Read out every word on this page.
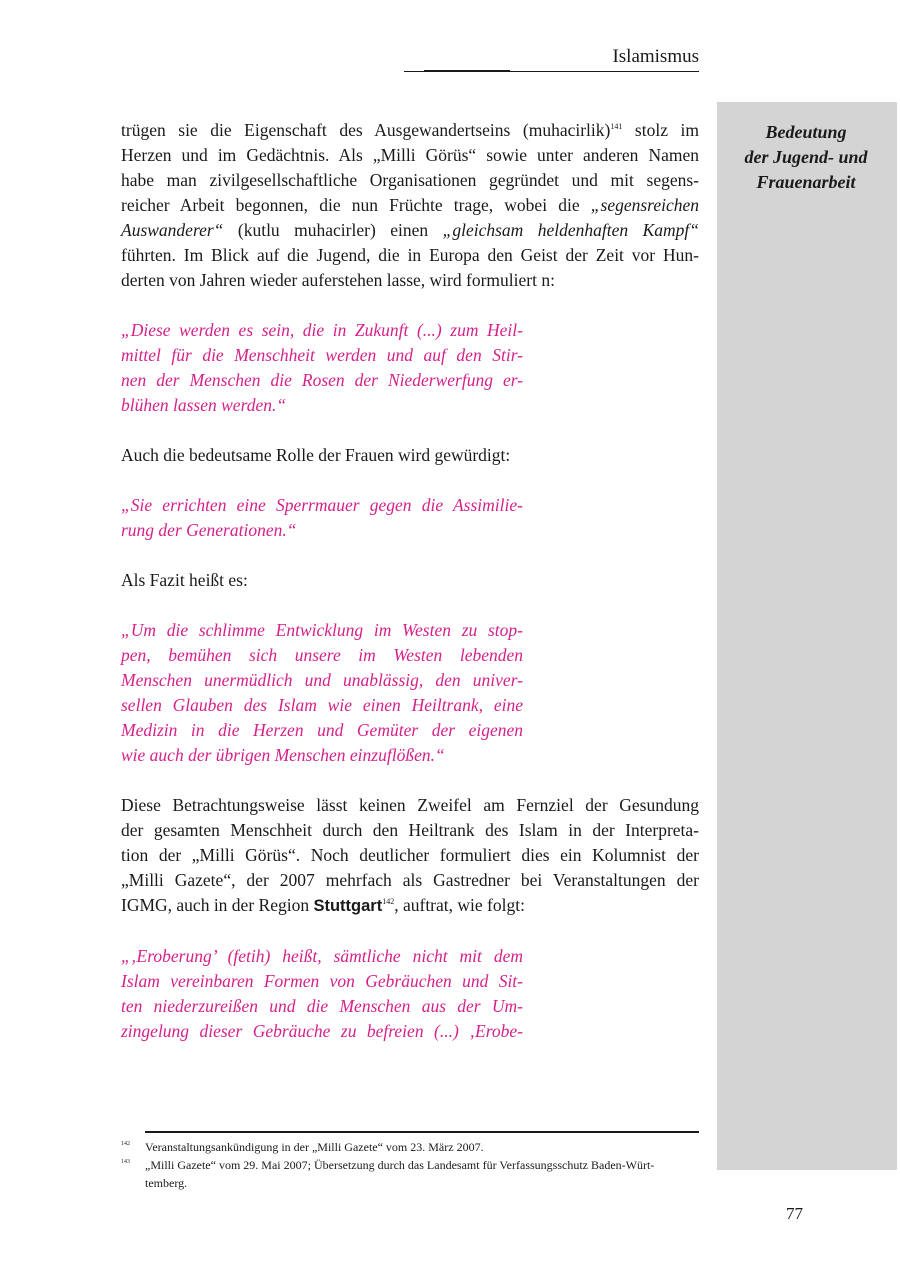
Islamismus

Bedeutung
der Jugend- und
Frauenarbeit

trügen sie die Eigenschaft des Ausgewandertseins (muhacirlik)$^{141}$ stolz im
Herzen und im Gedächtnis. Als „Milli Görüs“ sowie unter anderen Namen
habe man zivilgesellschaftliche Organisationen gegründet und mit segens-
reicher Arbeit begonnen, die nun Früchte trage, wobei die „segensreichen
Auswanderer“ (kutlu muhacirler) einen „gleichsam heldenhaften Kampf“
führten. Im Blick auf die Jugend, die in Europa den Geist der Zeit vor Hun-
derten von Jahren wieder auferstehen lasse, wird formuliert n:

„Diese werden es sein, die in Zukunft (...) zum Heil-
mittel für die Menschheit werden und auf den Stir-
nen der Menschen die Rosen der Niederwerfung er-
blühen lassen werden.“

Auch die bedeutsame Rolle der Frauen wird gewürdigt:

„Sie errichten eine Sperrmauer gegen die Assimilie-
rung der Generationen.“

Als Fazit heißt es:

„Um die schlimme Entwicklung im Westen zu stop-
pen, bemühen sich unsere im Westen lebenden
Menschen unermüdlich und unablässig, den univer-
sellen Glauben des Islam wie einen Heiltrank, eine
Medizin in die Herzen und Gemüter der eigenen
wie auch der übrigen Menschen einzuflößen.“

Diese Betrachtungsweise lässt keinen Zweifel am Fernziel der Gesundung
der gesamten Menschheit durch den Heiltrank des Islam in der Interpreta-
tion der „Milli Görüs“. Noch deutlicher formuliert dies ein Kolumnist der
„Milli Gazete“, der 2007 mehrfach als Gastredner bei Veranstaltungen der
IGMG, auch in der Region Stuttgart$^{142}$, auftrat, wie folgt:

„‚Eroberung’ (fetih) heißt, sämtliche nicht mit dem
Islam vereinbaren Formen von Gebräuchen und Sit-
ten niederzureißen und die Menschen aus der Um-
zingelung dieser Gebräuche zu befreien (...) ‚Erobe-

142 Veranstaltungsankündigung in der „Milli Gazete“ vom 23. März 2007.
143 „Milli Gazete“ vom 29. Mai 2007; Übersetzung durch das Landesamt für Verfassungsschutz Baden-Würt-
temberg.
77
